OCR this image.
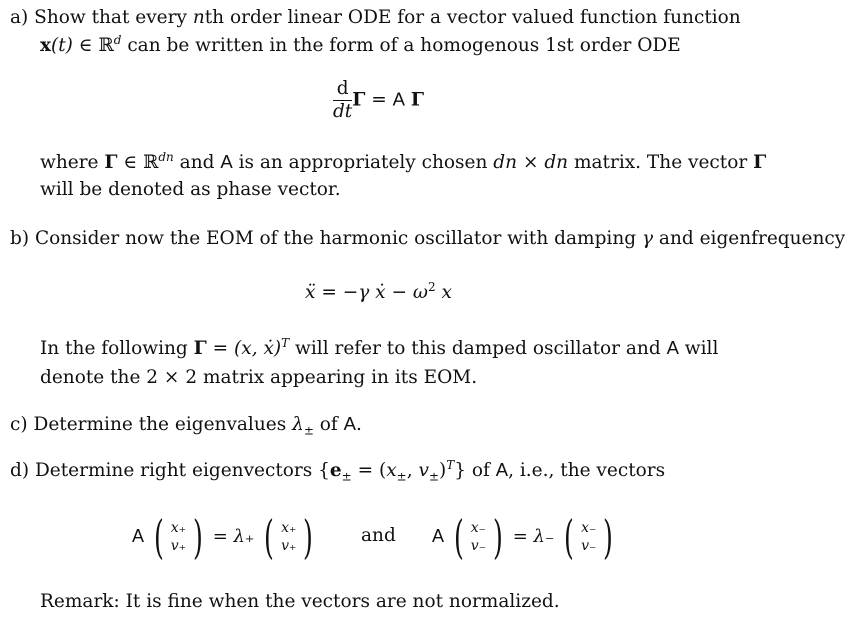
a) Show that every nth order linear ODE for a vector valued function function
x(t) ∈ ℝ$^d$ can be written in the form of a homogenous 1st order ODE
$\frac{d}{dt}$ Γ = A Γ
where Γ ∈ ℝ$^{dn}$ and A is an appropriately chosen dn × dn matrix. The vector Γ
will be denoted as phase vector.
b) Consider now the EOM of the harmonic oscillator with damping γ and eigenfrequency
ẍ = −γ ẋ − $\omega^2$ x
In the following Γ = (x, ẋ)$^T$ will refer to this damped oscillator and A will
denote the 2 × 2 matrix appearing in its EOM.
c) Determine the eigenvalues $\lambda_\pm$ of A.
d) Determine right eigenvectors {$e_\pm = (x_\pm$, $v_\pm)^T$} of A, i.e., the vectors
A ( x₊
v₊ ) = λ₊ ( x₊
v₊ )	and A ( x₋
v₋ ) = λ₋ ( x₋
v₋ )
Remark: It is fine when the vectors are not normalized.
